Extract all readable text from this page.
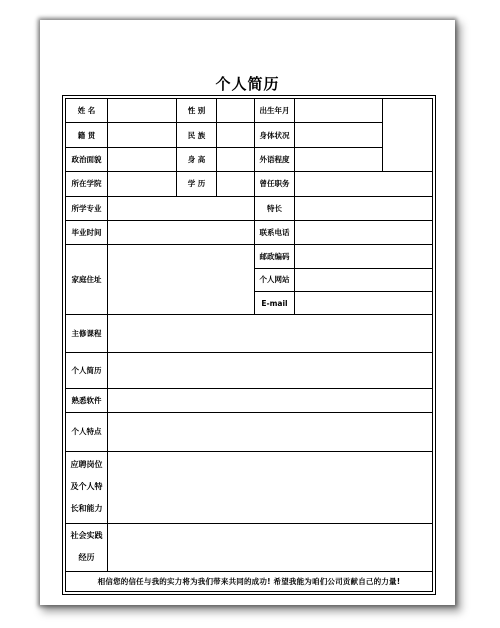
个人简历
姓 名		性 别		出生年月		
籍 贯		民 族		身体状况		
政治面貌		身 高		外语程度		
所在学院		学 历		曾任职务		
所学专业				特长		
毕业时间				联系电话		
家庭住址				邮政编码		
				个人网站		
				E-mail		
主修课程						
个人简历						
熟悉软件						
个人特点						

应聘岗位
及个人特
长和能力						

社会实践
经历						

相信您的信任与我的实力将为我们带来共同的成功! 希望我能为咱们公司贡献自己的力量!						
